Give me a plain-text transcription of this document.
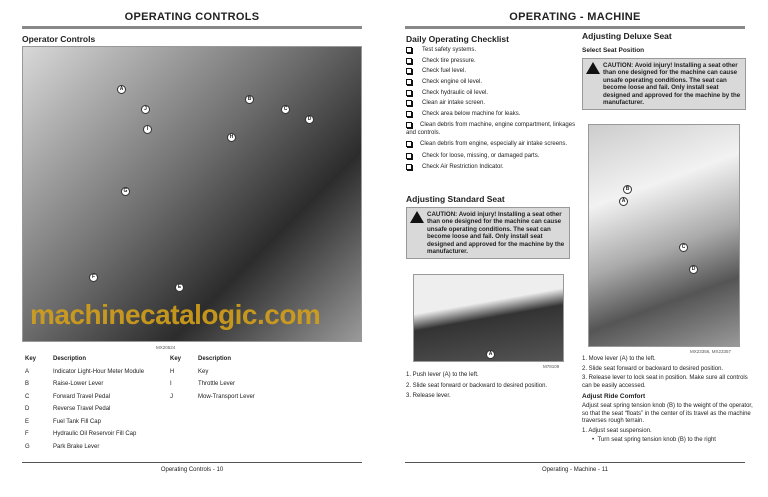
OPERATING CONTROLS
Operator Controls
A
B
C
D
E
F
G
H
I
J
machinecatalogic.com
MX20524
Key	Description
A	Indicator Light-Hour Meter Module
B	Raise-Lower Lever
C	Forward Travel Pedal
D	Reverse Travel Pedal
E	Fuel Tank Fill Cap
F	Hydraulic Oil Reservoir Fill Cap
G	Park Brake Lever
Key	Description
H	Key
I	Throttle Lever
J	Mow-Transport Lever
Operating Controls - 10
OPERATING - MACHINE
Daily Operating Checklist
Test safety systems.
Check tire pressure.
Check fuel level.
Check engine oil level.
Check hydraulic oil level.
Clean air intake screen.
Check area below machine for leaks.
Clean debris from machine, engine compartment, linkages and controls.
Clean debris from engine, especially air intake screens.
Check for loose, missing, or damaged parts.
Check Air Restriction Indicator.
Adjusting Standard Seat
CAUTION: Avoid injury! Installing a seat other than one designed for the machine can cause unsafe operating conditions. The seat can become loose and fail. Only install seat designed and approved for the machine by the manufacturer.
A
M78109
1. Push lever (A) to the left.
2. Slide seat forward or backward to desired position.
3. Release lever.
Adjusting Deluxe Seat
Select Seat Position
CAUTION: Avoid injury! Installing a seat other than one designed for the machine can cause unsafe operating conditions. The seat can become loose and fail. Only install seat designed and approved for the machine by the manufacturer.
B
A
C
D
MX23356, MX23357
1. Move lever (A) to the left.
2. Slide seat forward or backward to desired position.
3. Release lever to lock seat in position. Make sure all controls can be easily accessed.
Adjust Ride Comfort
Adjust seat spring tension knob (B) to the weight of the operator, so that the seat “floats” in the center of its travel as the machine traverses rough terrain.
1. Adjust seat suspension.
•  Turn seat spring tension knob (B) to the right
Operating - Machine - 11
